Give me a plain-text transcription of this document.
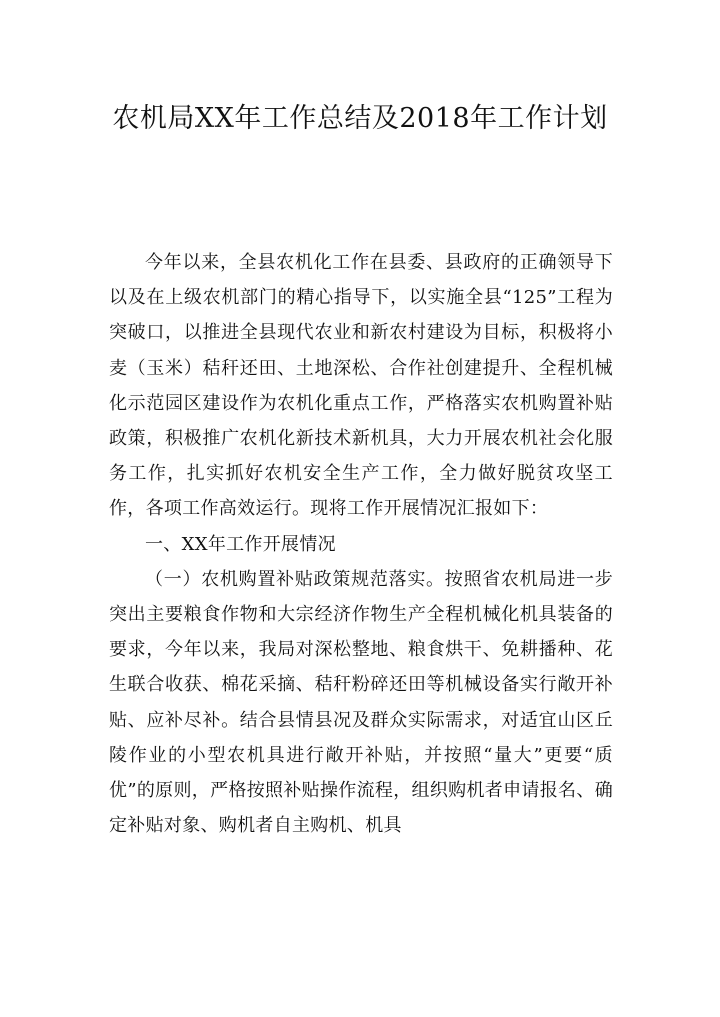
农机局XX年工作总结及2018年工作计划

今年以来，全县农机化工作在县委、县政府的正确领导下以及在上级农机部门的精心指导下，以实施全县“125”工程为突破口，以推进全县现代农业和新农村建设为目标，积极将小麦（玉米）秸秆还田、土地深松、合作社创建提升、全程机械化示范园区建设作为农机化重点工作，严格落实农机购置补贴政策，积极推广农机化新技术新机具，大力开展农机社会化服务工作，扎实抓好农机安全生产工作，全力做好脱贫攻坚工作，各项工作高效运行。现将工作开展情况汇报如下：

一、XX年工作开展情况

（一）农机购置补贴政策规范落实。按照省农机局进一步突出主要粮食作物和大宗经济作物生产全程机械化机具装备的要求，今年以来，我局对深松整地、粮食烘干、免耕播种、花生联合收获、棉花采摘、秸秆粉碎还田等机械设备实行敞开补贴、应补尽补。结合县情县况及群众实际需求，对适宜山区丘陵作业的小型农机具进行敞开补贴，并按照“量大”更要“质优”的原则，严格按照补贴操作流程，组织购机者申请报名、确定补贴对象、购机者自主购机、机具
